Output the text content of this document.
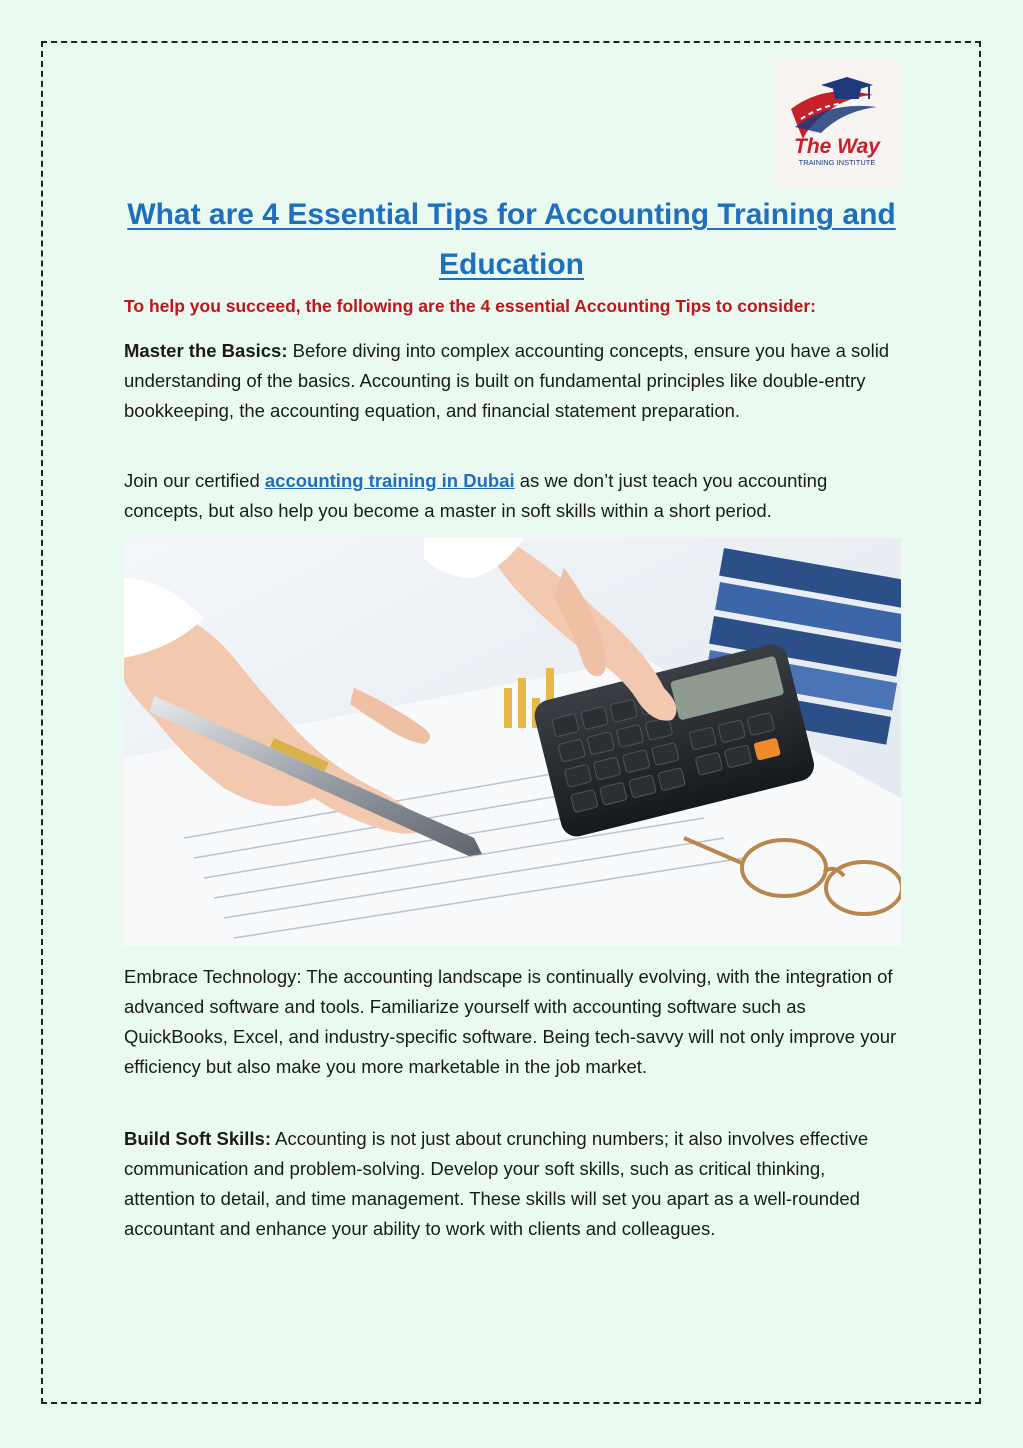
The Way
TRAINING INSTITUTE
What are 4 Essential Tips for Accounting Training and Education

To help you succeed, the following are the 4 essential Accounting Tips to consider:

Master the Basics: Before diving into complex accounting concepts, ensure you have a solid understanding of the basics. Accounting is built on fundamental principles like double-entry bookkeeping, the accounting equation, and financial statement preparation.

Join our certified accounting training in Dubai as we don’t just teach you accounting concepts, but also help you become a master in soft skills within a short period.

Embrace Technology: The accounting landscape is continually evolving, with the integration of advanced software and tools. Familiarize yourself with accounting software such as QuickBooks, Excel, and industry-specific software. Being tech-savvy will not only improve your efficiency but also make you more marketable in the job market.

Build Soft Skills: Accounting is not just about crunching numbers; it also involves effective communication and problem-solving. Develop your soft skills, such as critical thinking, attention to detail, and time management. These skills will set you apart as a well-rounded accountant and enhance your ability to work with clients and colleagues.
